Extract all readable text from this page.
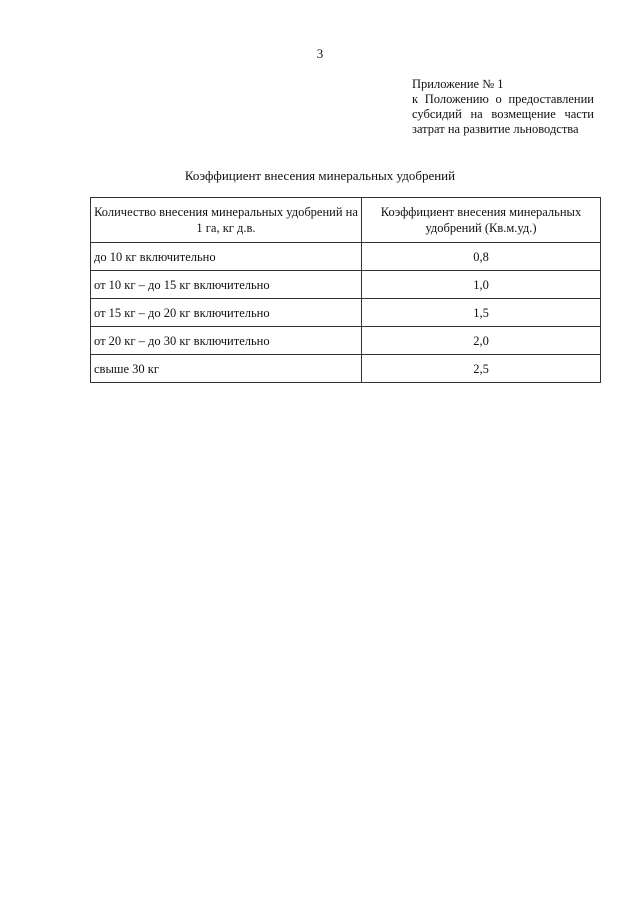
3
Приложение № 1
к Положению о предоставлении
субсидий на возмещение части
затрат на развитие льноводства
Коэффициент внесения минеральных удобрений
Количество внесения минеральных удобрений на 1 га, кг д.в.	Коэффициент внесения минеральных удобрений (Кв.м.уд.)
до 10 кг включительно	0,8
от 10 кг – до 15 кг включительно	1,0
от 15 кг – до 20 кг включительно	1,5
от 20 кг – до 30 кг включительно	2,0
свыше 30 кг	2,5
